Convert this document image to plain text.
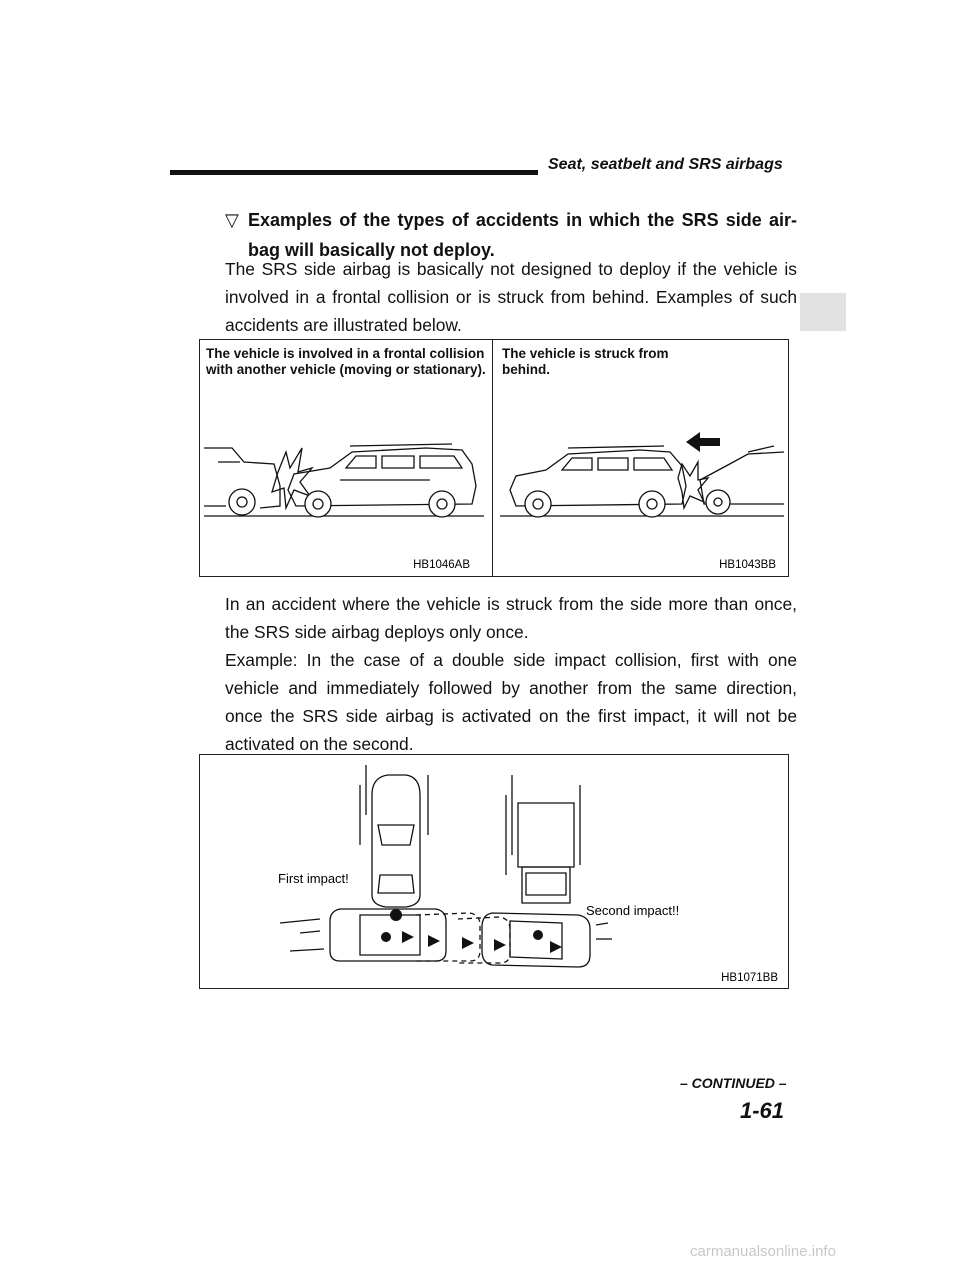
Seat, seatbelt and SRS airbags
▽ Examples of the types of accidents in which the SRS side air-bag will basically not deploy.
The SRS side airbag is basically not designed to deploy if the vehicle is involved in a frontal collision or is struck from behind. Examples of such accidents are illustrated below.
The vehicle is involved in a frontal collision with another vehicle (moving or stationary).
The vehicle is struck from behind.
HB1046AB	HB1043BB
In an accident where the vehicle is struck from the side more than once, the SRS side airbag deploys only once.
Example: In the case of a double side impact collision, first with one vehicle and immediately followed by another from the same direction, once the SRS side airbag is activated on the first impact, it will not be activated on the second.
First impact!
Second impact!!
HB1071BB
– CONTINUED –
1-61
carmanualsonline.info
